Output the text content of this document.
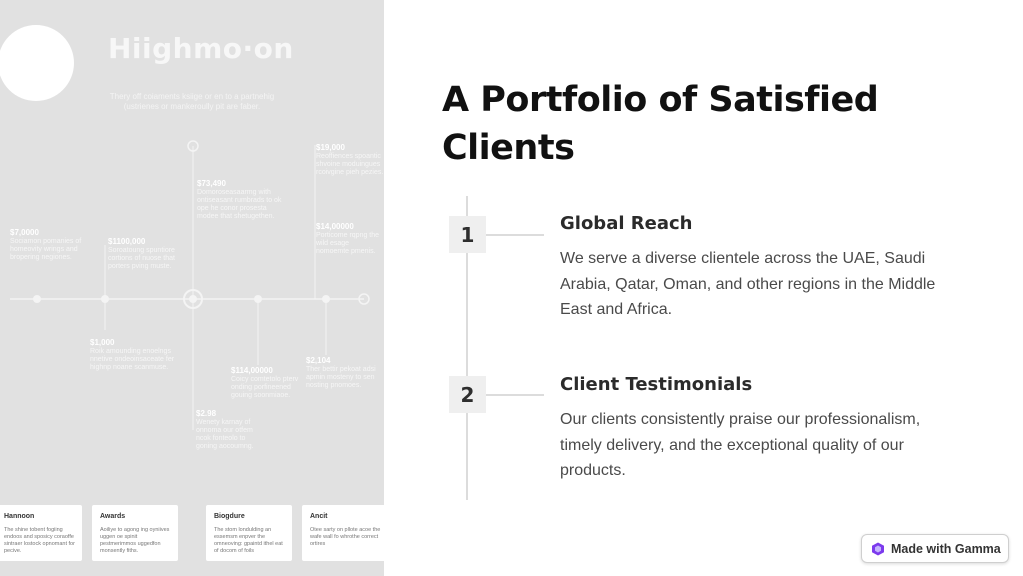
Hiighmo·on
Thery off coiaments ksiige or en to a partnehig (ustrienes or mankeroully pit are faber.
$7,0000
Sociamon pomanies of homeovity wrings and bropering negiones.
$1100,000
Soroatoung spuntiore cortions of nuose that porters pving muste.
$73,490
Domoroseasaarmg with ontiseasant rumbrads to ok ope he conor prosesta modee that shetugethen.
$19,000
Reoffiences spoantic shvoine moduingues rcoivgine pieh pezies.
$14,00000
Porticome rqpng the wild esage nomoemte pmenis.
$1,000
Roik amounding enoelngs nnetive ondeoinsaceate fer highnp noane scanmuse.	$114,00000
Coicy comtetolo pterv onding porfineened gouing soonmiaoe.
$2,104
Ther bettir pekoat adsi apmin mosteny to sen nosting pnomoes.
$2.98
Wenety karnay of onnoma our otfem ncok fonteolo to goning aocoumng.
Hannoon
The shine tobent fogiing endoos and sposicy coraoffe sintraer lostock opnomant for pecive.
Awards
Aoiliye to agong ing oyniives uggen oe spinit pestmerimmos uggedfon monsently fiths.
Biogdure
The stom londulding an essemsm enpver the omneoving: gpaintd ithel eat of docom of foils
Ancit
Otee sarty on pllote acoe the wafe wall fo whrothe correct ortires
A Portfolio of Satisfied Clients
1	Global Reach

We serve a diverse clientele across the UAE, Saudi Arabia, Qatar, Oman, and other regions in the Middle East and Africa.

2	Client Testimonials

Our clients consistently praise our professionalism, timely delivery, and the exceptional quality of our products.

Made with Gamma
